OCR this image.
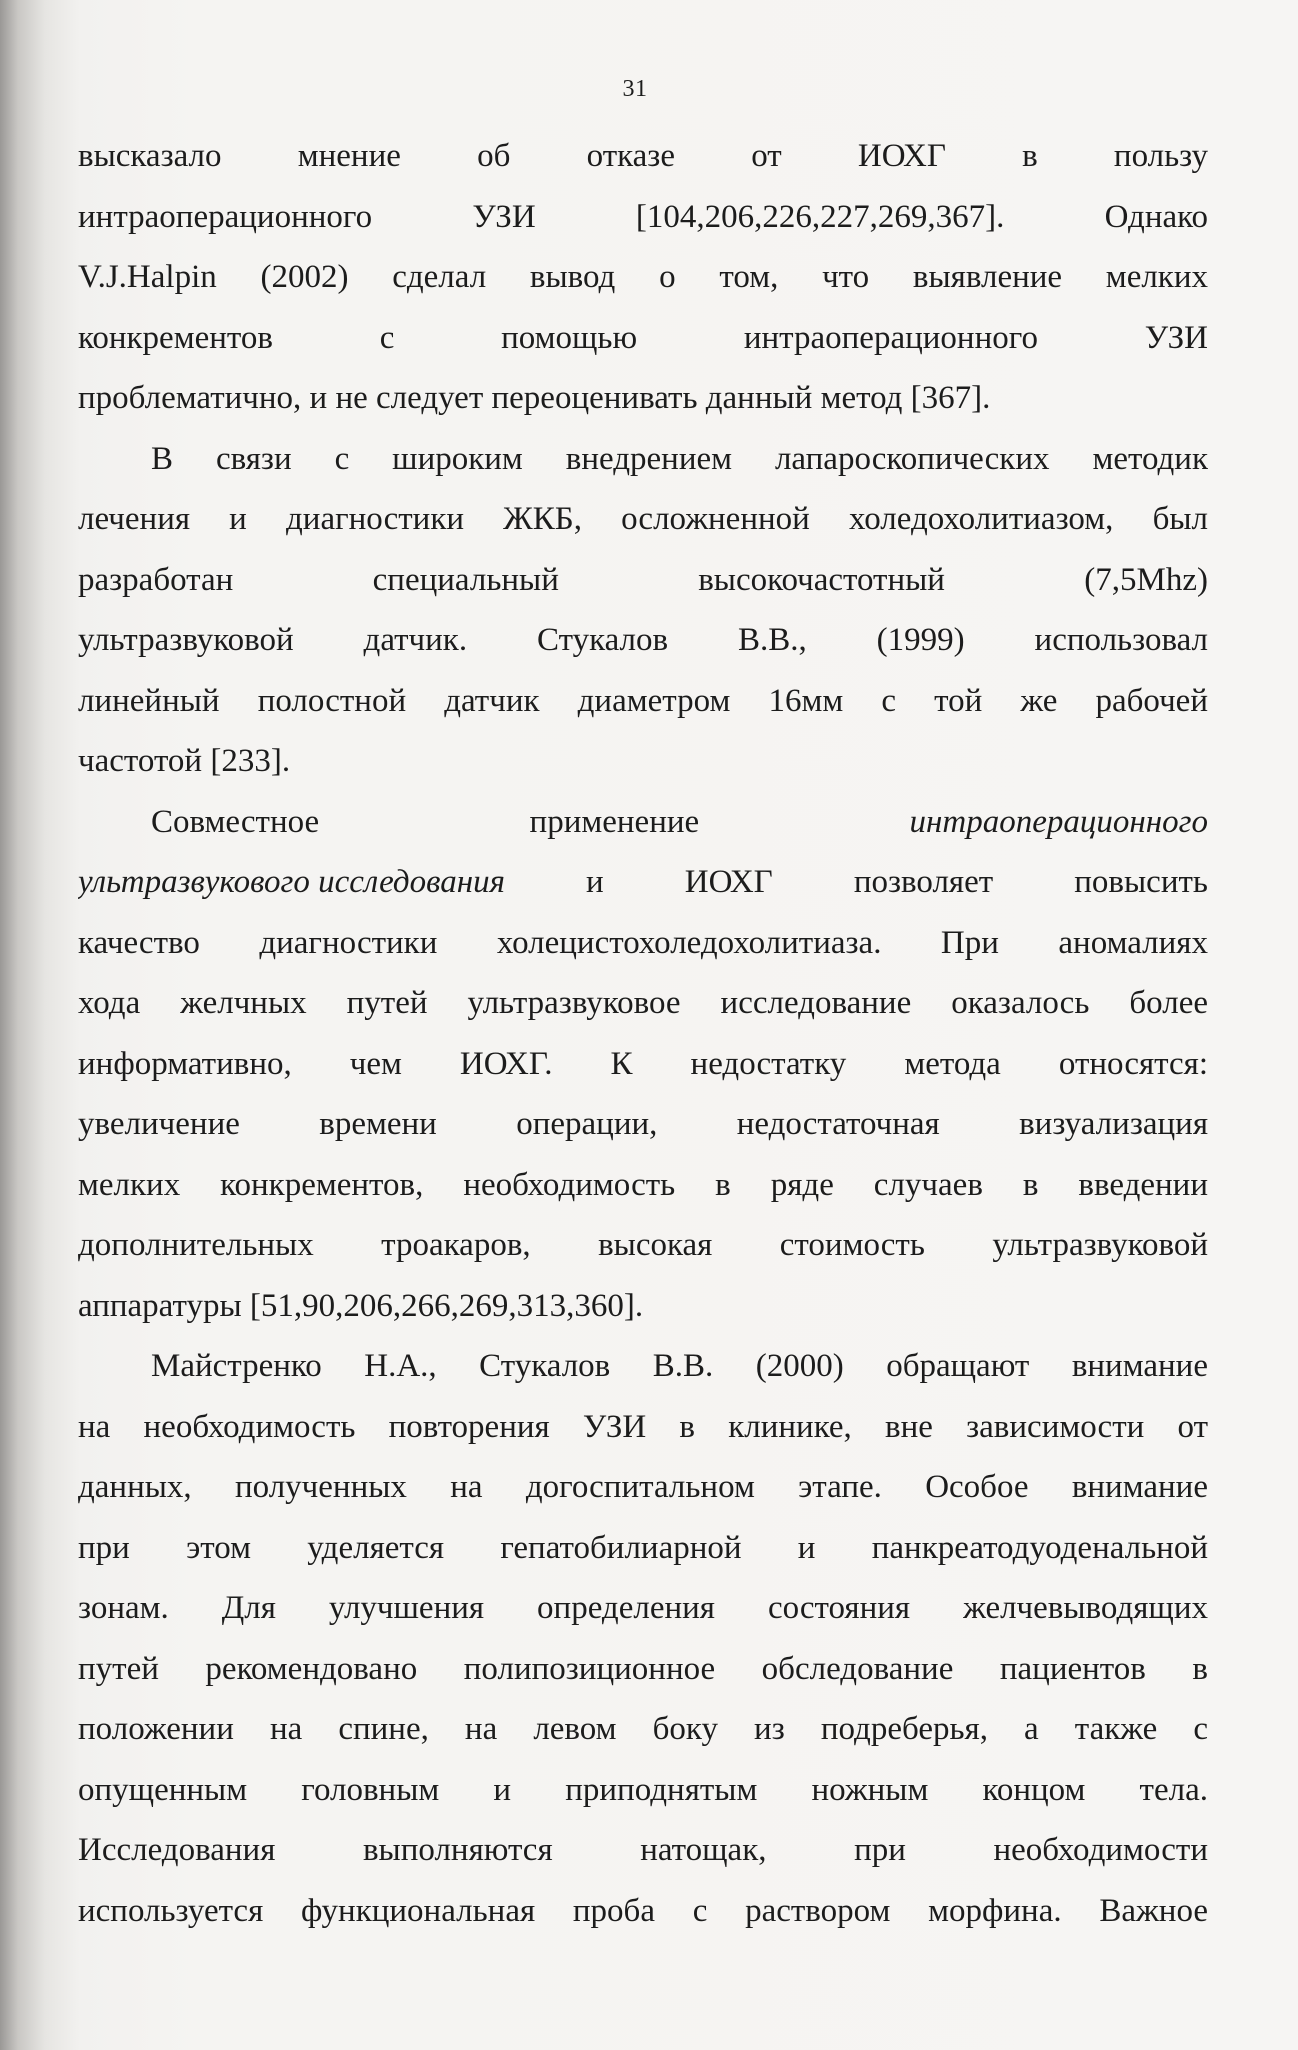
31
высказало мнение об отказе от ИОХГ в пользу
интраоперационного УЗИ [104,206,226,227,269,367]. Однако
V.J.Halpin (2002) сделал вывод о том, что выявление мелких
конкрементов с помощью интраоперационного УЗИ
проблематично, и не следует переоценивать данный метод [367].
В связи с широким внедрением лапароскопических методик
лечения и диагностики ЖКБ, осложненной холедохолитиазом, был
разработан специальный высокочастотный (7,5Mhz)
ультразвуковой датчик. Стукалов В.В., (1999) использовал
линейный полостной датчик диаметром 16мм с той же рабочей
частотой [233].
Совместное	применение	интраоперационного
ультразвукового исследования и ИОХГ позволяет повысить
качество диагностики холецистохоледохолитиаза. При аномалиях
хода желчных путей ультразвуковое исследование оказалось более
информативно, чем ИОХГ. К недостатку метода относятся:
увеличение времени операции, недостаточная визуализация
мелких конкрементов, необходимость в ряде случаев в введении
дополнительных троакаров, высокая стоимость ультразвуковой
аппаратуры [51,90,206,266,269,313,360].
Майстренко Н.А., Стукалов В.В. (2000) обращают внимание
на необходимость повторения УЗИ в клинике, вне зависимости от
данных, полученных на догоспитальном этапе. Особое внимание
при этом уделяется гепатобилиарной и панкреатодуоденальной
зонам. Для улучшения определения состояния желчевыводящих
путей рекомендовано полипозиционное обследование пациентов в
положении на спине, на левом боку из подреберья, а также с
опущенным головным и приподнятым ножным концом тела.
Исследования выполняются натощак, при необходимости
используется функциональная проба с раствором морфина. Важное
